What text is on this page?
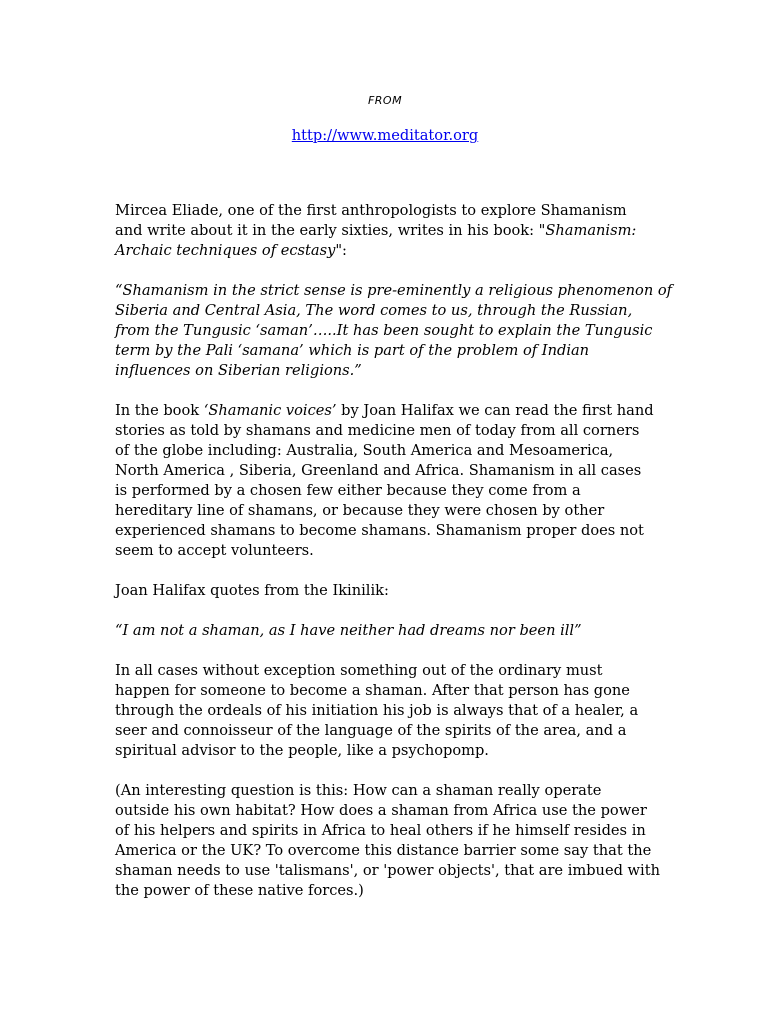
FROM
http://www.meditator.org

Mircea Eliade, one of the first anthropologists to explore Shamanism
and write about it in the early sixties, writes in his book: "Shamanism:
Archaic techniques of ecstasy":

“Shamanism in the strict sense is pre-eminently a religious phenomenon of
Siberia and Central Asia, The word comes to us, through the Russian,
from the Tungusic ‘saman’…..It has been sought to explain the Tungusic
term by the Pali ‘samana’ which is part of the problem of Indian
influences on Siberian religions.”

In the book ‘Shamanic voices’ by Joan Halifax we can read the first hand
stories as told by shamans and medicine men of today from all corners
of the globe including: Australia, South America and Mesoamerica,
North America , Siberia, Greenland and Africa. Shamanism in all cases
is performed by a chosen few either because they come from a
hereditary line of shamans, or because they were chosen by other
experienced shamans to become shamans. Shamanism proper does not
seem to accept volunteers.

Joan Halifax quotes from the Ikinilik:

“I am not a shaman, as I have neither had dreams nor been ill”

In all cases without exception something out of the ordinary must
happen for someone to become a shaman. After that person has gone
through the ordeals of his initiation his job is always that of a healer, a
seer and connoisseur of the language of the spirits of the area, and a
spiritual advisor to the people, like a psychopomp.

(An interesting question is this: How can a shaman really operate
outside his own habitat? How does a shaman from Africa use the power
of his helpers and spirits in Africa to heal others if he himself resides in
America or the UK? To overcome this distance barrier some say that the
shaman needs to use 'talismans', or 'power objects', that are imbued with
the power of these native forces.)
